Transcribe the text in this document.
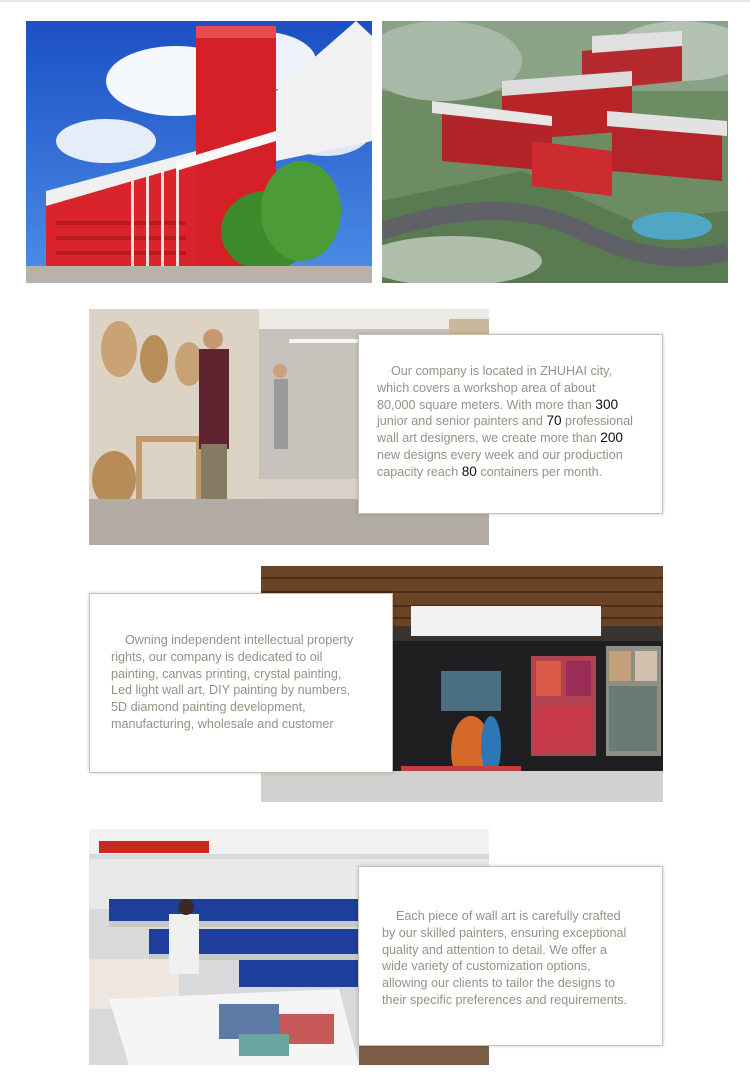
Our company is located in ZHUHAI city,
which covers a workshop area of about
80,000 square meters. With more than 300
junior and senior painters and 70 professional
wall art designers, we create more than 200
new designs every week and our production
capacity reach 80 containers per month.

Owning independent intellectual property
rights, our company is dedicated to oil
painting, canvas printing, crystal painting,
Led light wall art, DIY painting by numbers,
5D diamond painting development,
manufacturing, wholesale and customer

Each piece of wall art is carefully crafted
by our skilled painters, ensuring exceptional
quality and attention to detail. We offer a
wide variety of customization options,
allowing our clients to tailor the designs to
their specific preferences and requirements.
